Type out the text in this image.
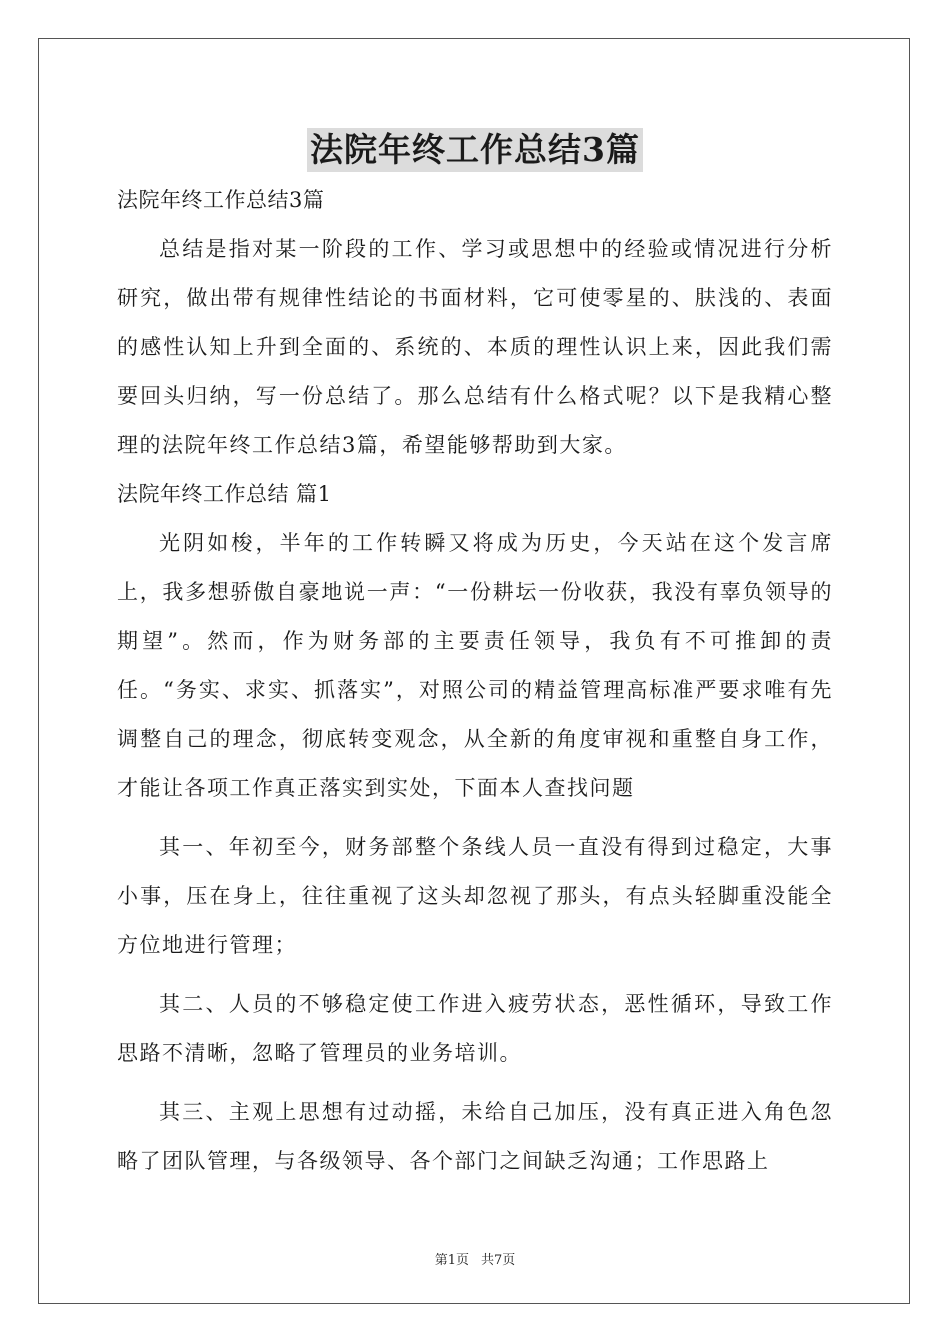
法院年终工作总结3篇

法院年终工作总结3篇

总结是指对某一阶段的工作、学习或思想中的经验或情况进行分析研究，做出带有规律性结论的书面材料，它可使零星的、肤浅的、表面的感性认知上升到全面的、系统的、本质的理性认识上来，因此我们需要回头归纳，写一份总结了。那么总结有什么格式呢？以下是我精心整理的法院年终工作总结3篇，希望能够帮助到大家。

法院年终工作总结 篇1

光阴如梭，半年的工作转瞬又将成为历史，今天站在这个发言席上，我多想骄傲自豪地说一声：“一份耕坛一份收获，我没有辜负领导的期望”。然而，作为财务部的主要责任领导，我负有不可推卸的责任。“务实、求实、抓落实”，对照公司的精益管理高标准严要求唯有先调整自己的理念，彻底转变观念，从全新的角度审视和重整自身工作，才能让各项工作真正落实到实处，下面本人查找问题

其一、年初至今，财务部整个条线人员一直没有得到过稳定，大事小事，压在身上，往往重视了这头却忽视了那头，有点头轻脚重没能全方位地进行管理；

其二、人员的不够稳定使工作进入疲劳状态，恶性循环，导致工作思路不清晰，忽略了管理员的业务培训。

其三、主观上思想有过动摇，未给自己加压，没有真正进入角色忽略了团队管理，与各级领导、各个部门之间缺乏沟通；工作思路上

第1页 共7页
